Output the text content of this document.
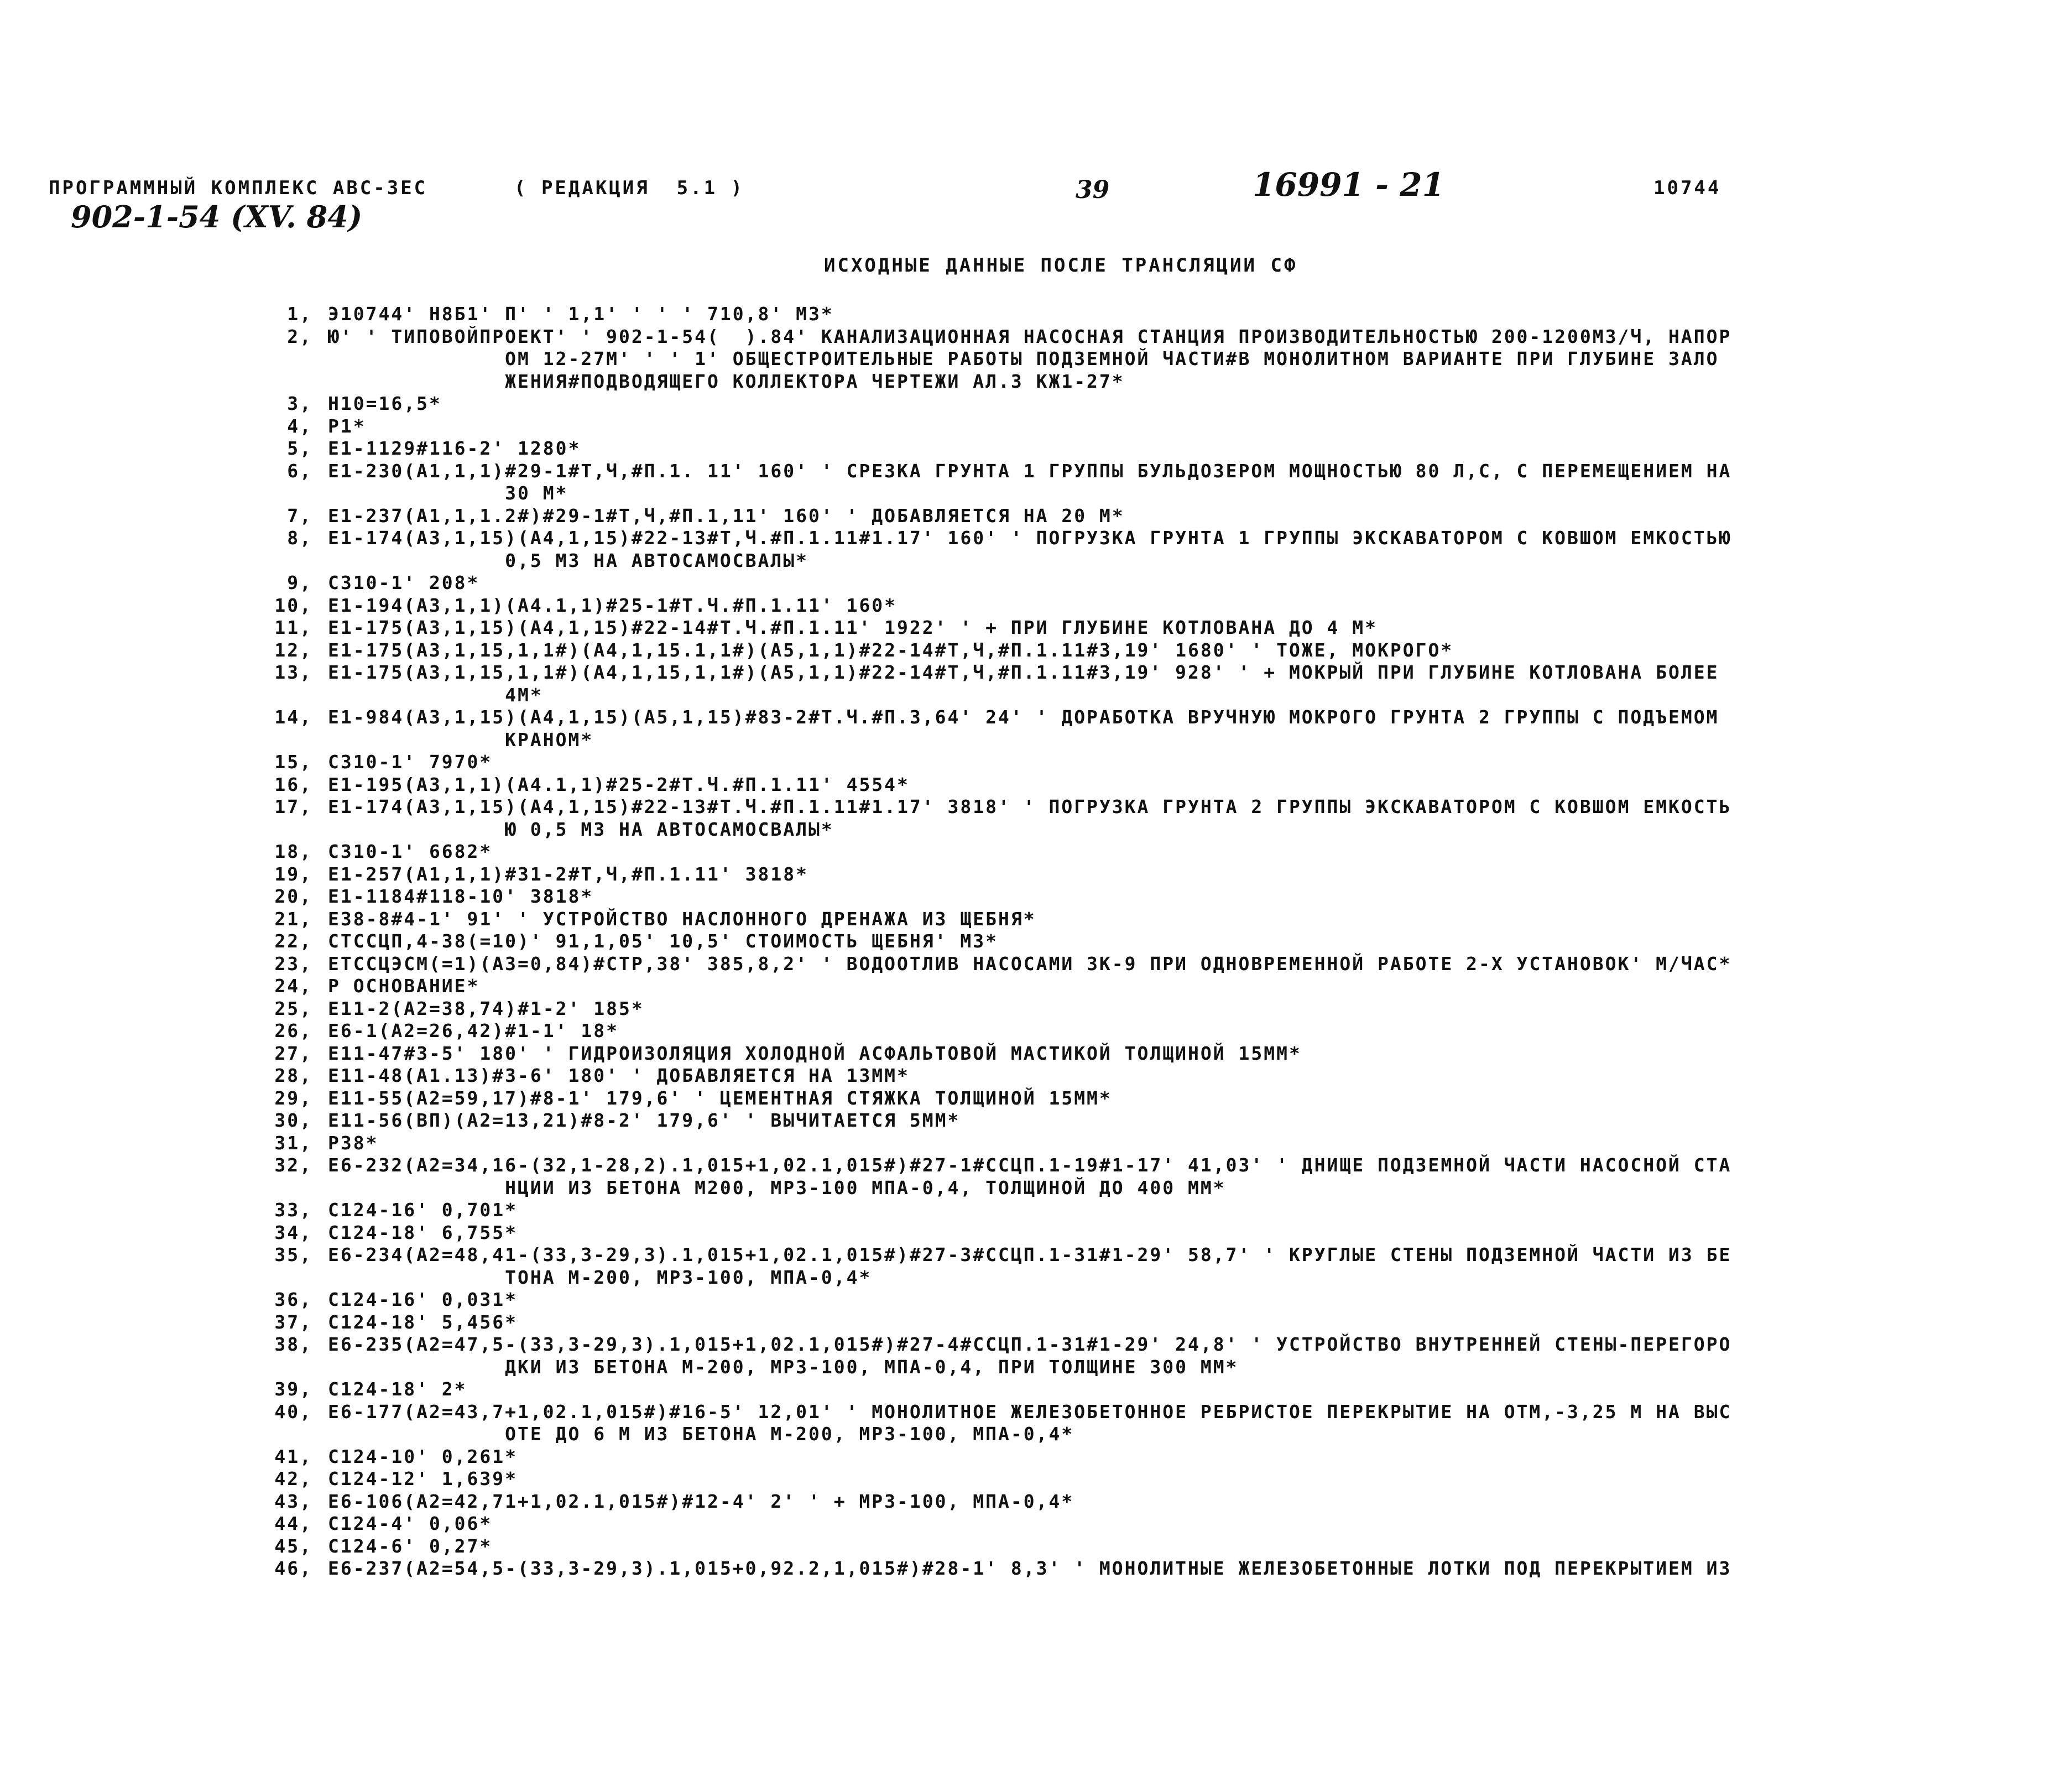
ПРОГРАММНЫЙ КОМПЛЕКС АВС-3ЕС	( РЕДАКЦИЯ  5.1 )	39	16991 - 21	10744
902-1-54 (XV. 84)
ИСХОДНЫЕ ДАННЫЕ ПОСЛЕ ТРАНСЛЯЦИИ СФ
1, Э10744' Н8Б1' П' ' 1,1' ' ' ' 710,8' МЗ*
2, Ю' ' ТИПОВОЙПРОЕКТ' ' 902-1-54(  ).84' КАНАЛИЗАЦИОННАЯ НАСОСНАЯ СТАНЦИЯ ПРОИЗВОДИТЕЛЬНОСТЬЮ 200-1200МЗ/Ч, НАПОР
ОМ 12-27М' ' ' 1' ОБЩЕСТРОИТЕЛЬНЫЕ РАБОТЫ ПОДЗЕМНОЙ ЧАСТИ#В МОНОЛИТНОМ ВАРИАНТЕ ПРИ ГЛУБИНЕ ЗАЛО
ЖЕНИЯ#ПОДВОДЯЩЕГО КОЛЛЕКТОРА ЧЕРТЕЖИ АЛ.3 КЖ1-27*
3, Н10=16,5*
4, Р1*
5, Е1-1129#116-2' 1280*
6, Е1-230(А1,1,1)#29-1#Т,Ч,#П.1. 11' 160' ' СРЕЗКА ГРУНТА 1 ГРУППЫ БУЛЬДОЗЕРОМ МОЩНОСТЬЮ 80 Л,С, С ПЕРЕМЕЩЕНИЕМ НА
30 М*
7, Е1-237(А1,1,1.2#)#29-1#Т,Ч,#П.1,11' 160' ' ДОБАВЛЯЕТСЯ НА 20 М*
8, Е1-174(А3,1,15)(А4,1,15)#22-13#Т,Ч.#П.1.11#1.17' 160' ' ПОГРУЗКА ГРУНТА 1 ГРУППЫ ЭКСКАВАТОРОМ С КОВШОМ ЕМКОСТЬЮ
0,5 МЗ НА АВТОСАМОСВАЛЫ*
9, С310-1' 208*
10, Е1-194(А3,1,1)(А4.1,1)#25-1#Т.Ч.#П.1.11' 160*
11, Е1-175(А3,1,15)(А4,1,15)#22-14#Т.Ч.#П.1.11' 1922' ' + ПРИ ГЛУБИНЕ КОТЛОВАНА ДО 4 М*
12, Е1-175(А3,1,15,1,1#)(А4,1,15.1,1#)(А5,1,1)#22-14#Т,Ч,#П.1.11#3,19' 1680' ' ТОЖЕ, МОКРОГО*
13, Е1-175(А3,1,15,1,1#)(А4,1,15,1,1#)(А5,1,1)#22-14#Т,Ч,#П.1.11#3,19' 928' ' + МОКРЫЙ ПРИ ГЛУБИНЕ КОТЛОВАНА БОЛЕЕ
4М*
14, Е1-984(А3,1,15)(А4,1,15)(А5,1,15)#83-2#Т.Ч.#П.3,64' 24' ' ДОРАБОТКА ВРУЧНУЮ МОКРОГО ГРУНТА 2 ГРУППЫ С ПОДЪЕМОМ
КРАНОМ*
15, С310-1' 7970*
16, Е1-195(А3,1,1)(А4.1,1)#25-2#Т.Ч.#П.1.11' 4554*
17, Е1-174(А3,1,15)(А4,1,15)#22-13#Т.Ч.#П.1.11#1.17' 3818' ' ПОГРУЗКА ГРУНТА 2 ГРУППЫ ЭКСКАВАТОРОМ С КОВШОМ ЕМКОСТЬ
Ю 0,5 МЗ НА АВТОСАМОСВАЛЫ*
18, С310-1' 6682*
19, Е1-257(А1,1,1)#31-2#Т,Ч,#П.1.11' 3818*
20, Е1-1184#118-10' 3818*
21, Е38-8#4-1' 91' ' УСТРОЙСТВО НАСЛОННОГО ДРЕНАЖА ИЗ ЩЕБНЯ*
22, СТССЦП,4-38(=10)' 91,1,05' 10,5' СТОИМОСТЬ ЩЕБНЯ' МЗ*
23, ЕТССЦЭСМ(=1)(А3=0,84)#СТР,38' 385,8,2' ' ВОДООТЛИВ НАСОСАМИ ЗК-9 ПРИ ОДНОВРЕМЕННОЙ РАБОТЕ 2-Х УСТАНОВОК' М/ЧАС*
24, Р ОСНОВАНИЕ*
25, Е11-2(А2=38,74)#1-2' 185*
26, Е6-1(А2=26,42)#1-1' 18*
27, Е11-47#3-5' 180' ' ГИДРОИЗОЛЯЦИЯ ХОЛОДНОЙ АСФАЛЬТОВОЙ МАСТИКОЙ ТОЛЩИНОЙ 15ММ*
28, Е11-48(А1.13)#3-6' 180' ' ДОБАВЛЯЕТСЯ НА 13ММ*
29, Е11-55(А2=59,17)#8-1' 179,6' ' ЦЕМЕНТНАЯ СТЯЖКА ТОЛЩИНОЙ 15ММ*
30, Е11-56(ВП)(А2=13,21)#8-2' 179,6' ' ВЫЧИТАЕТСЯ 5ММ*
31, Р38*
32, Е6-232(А2=34,16-(32,1-28,2).1,015+1,02.1,015#)#27-1#ССЦП.1-19#1-17' 41,03' ' ДНИЩЕ ПОДЗЕМНОЙ ЧАСТИ НАСОСНОЙ СТА
НЦИИ ИЗ БЕТОНА М200, МРЗ-100 МПА-0,4, ТОЛЩИНОЙ ДО 400 ММ*
33, С124-16' 0,701*
34, С124-18' 6,755*
35, Е6-234(А2=48,41-(33,3-29,3).1,015+1,02.1,015#)#27-3#ССЦП.1-31#1-29' 58,7' ' КРУГЛЫЕ СТЕНЫ ПОДЗЕМНОЙ ЧАСТИ ИЗ БЕ
ТОНА М-200, МРЗ-100, МПА-0,4*
36, С124-16' 0,031*
37, С124-18' 5,456*
38, Е6-235(А2=47,5-(33,3-29,3).1,015+1,02.1,015#)#27-4#ССЦП.1-31#1-29' 24,8' ' УСТРОЙСТВО ВНУТРЕННЕЙ СТЕНЫ-ПЕРЕГОРО
ДКИ ИЗ БЕТОНА М-200, МРЗ-100, МПА-0,4, ПРИ ТОЛЩИНЕ 300 ММ*
39, С124-18' 2*
40, Е6-177(А2=43,7+1,02.1,015#)#16-5' 12,01' ' МОНОЛИТНОЕ ЖЕЛЕЗОБЕТОННОЕ РЕБРИСТОЕ ПЕРЕКРЫТИЕ НА ОТМ,-3,25 М НА ВЫС
ОТЕ ДО 6 М ИЗ БЕТОНА М-200, МРЗ-100, МПА-0,4*
41, С124-10' 0,261*
42, С124-12' 1,639*
43, Е6-106(А2=42,71+1,02.1,015#)#12-4' 2' ' + МРЗ-100, МПА-0,4*
44, С124-4' 0,06*
45, С124-6' 0,27*
46, Е6-237(А2=54,5-(33,3-29,3).1,015+0,92.2,1,015#)#28-1' 8,3' ' МОНОЛИТНЫЕ ЖЕЛЕЗОБЕТОННЫЕ ЛОТКИ ПОД ПЕРЕКРЫТИЕМ ИЗ
